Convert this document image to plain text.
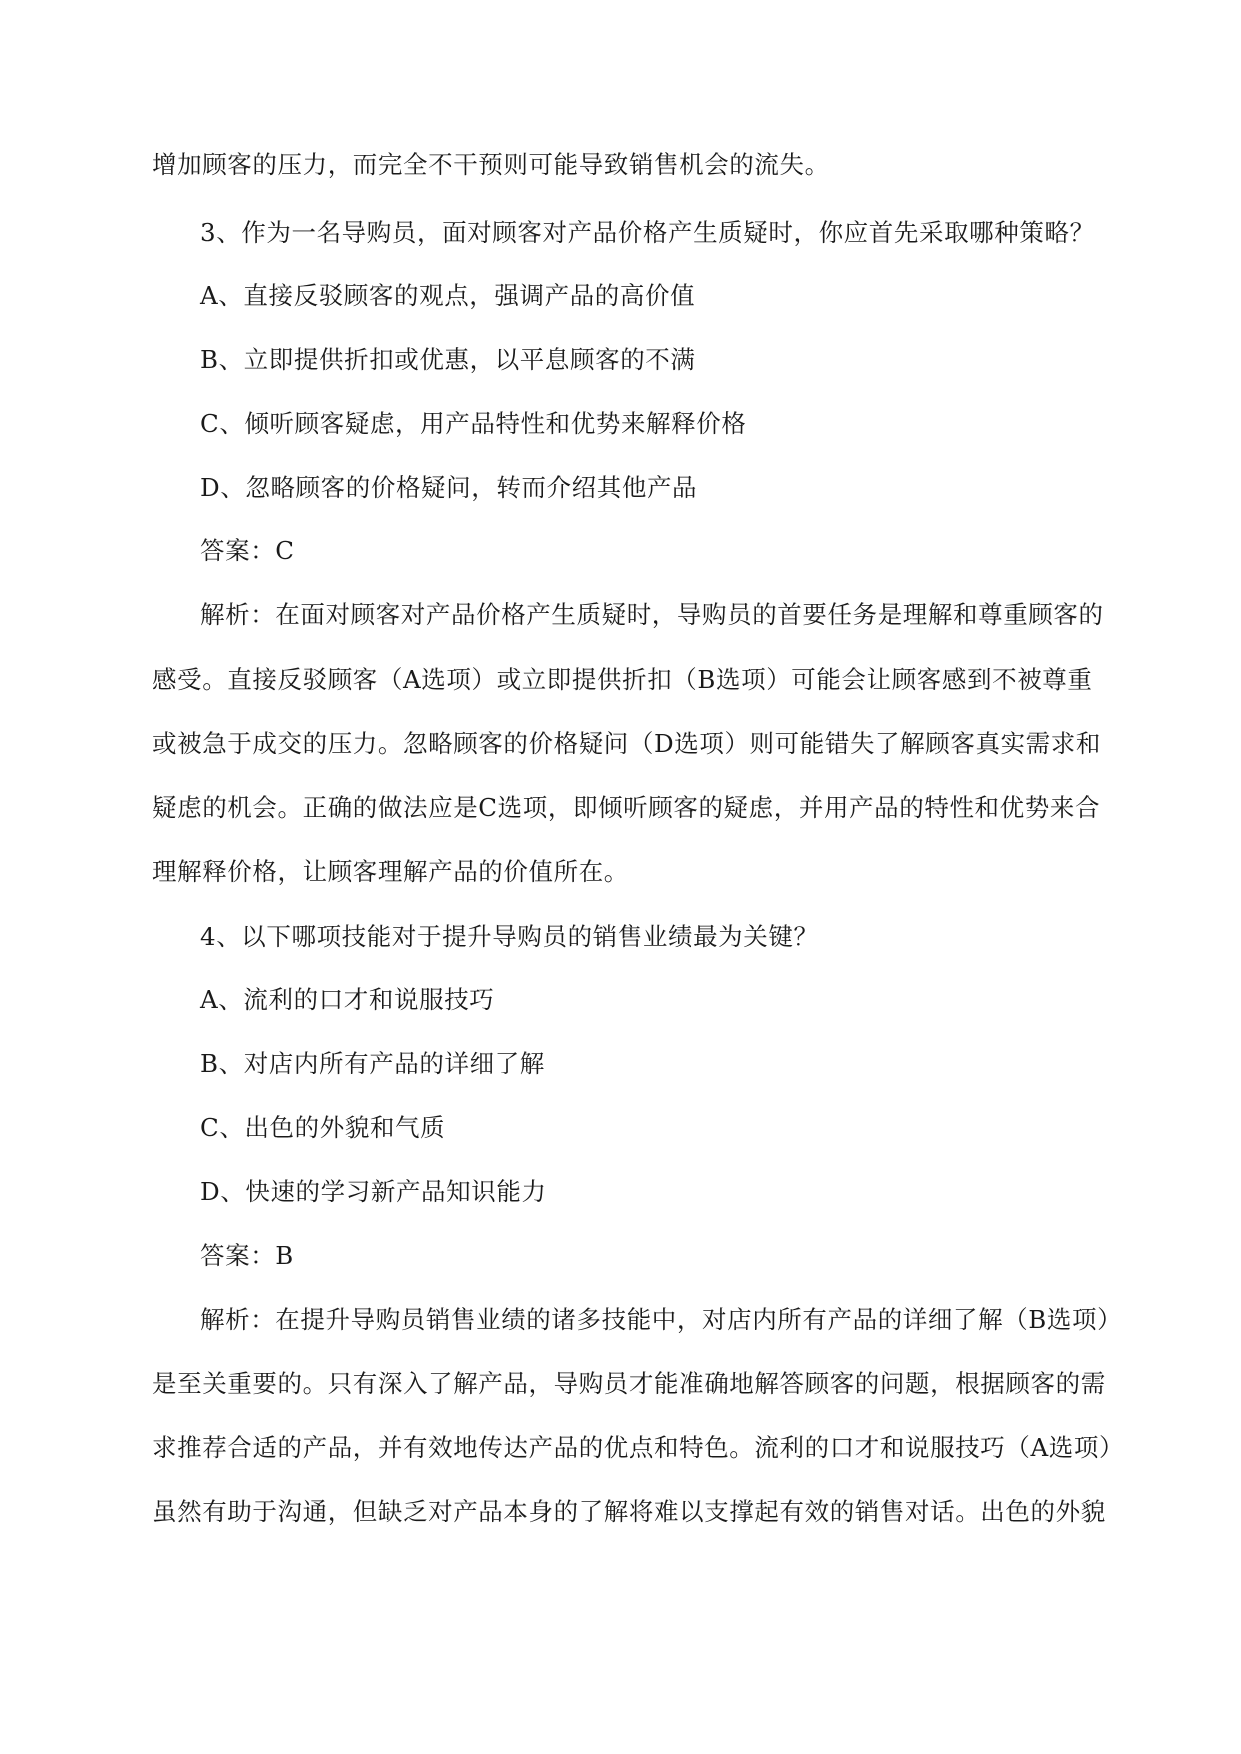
增加顾客的压力，而完全不干预则可能导致销售机会的流失。
3、作为一名导购员，面对顾客对产品价格产生质疑时，你应首先采取哪种策略？
A、直接反驳顾客的观点，强调产品的高价值
B、立即提供折扣或优惠，以平息顾客的不满
C、倾听顾客疑虑，用产品特性和优势来解释价格
D、忽略顾客的价格疑问，转而介绍其他产品
答案：C
解析：在面对顾客对产品价格产生质疑时，导购员的首要任务是理解和尊重顾客的
感受。直接反驳顾客（A选项）或立即提供折扣（B选项）可能会让顾客感到不被尊重
或被急于成交的压力。忽略顾客的价格疑问（D选项）则可能错失了解顾客真实需求和
疑虑的机会。正确的做法应是C选项，即倾听顾客的疑虑，并用产品的特性和优势来合
理解释价格，让顾客理解产品的价值所在。
4、以下哪项技能对于提升导购员的销售业绩最为关键？
A、流利的口才和说服技巧
B、对店内所有产品的详细了解
C、出色的外貌和气质
D、快速的学习新产品知识能力
答案：B
解析：在提升导购员销售业绩的诸多技能中，对店内所有产品的详细了解（B选项）
是至关重要的。只有深入了解产品，导购员才能准确地解答顾客的问题，根据顾客的需
求推荐合适的产品，并有效地传达产品的优点和特色。流利的口才和说服技巧（A选项）
虽然有助于沟通，但缺乏对产品本身的了解将难以支撑起有效的销售对话。出色的外貌
